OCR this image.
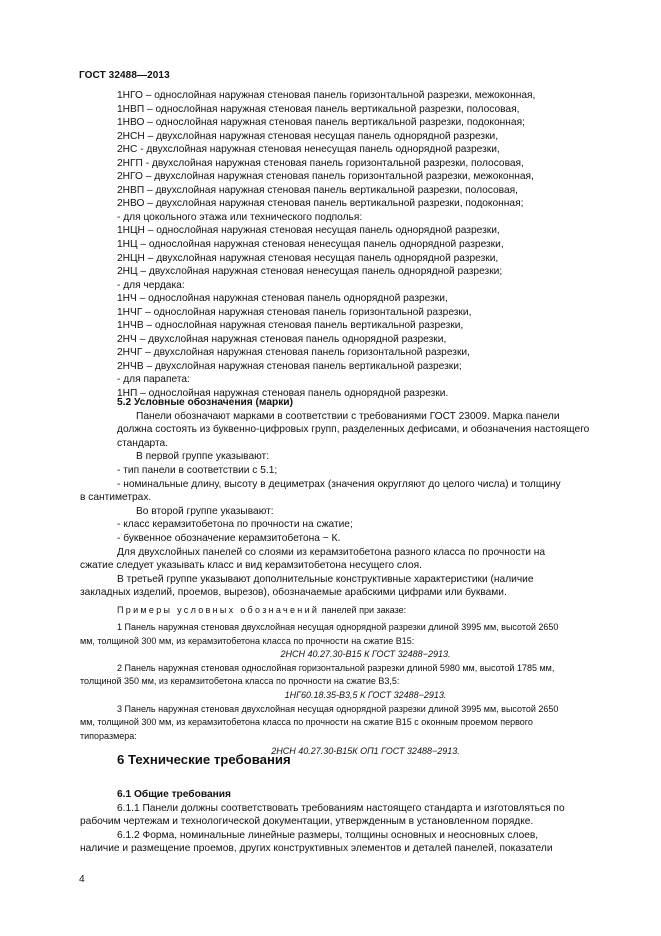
ГОСТ 32488—2013
1НГО – однослойная наружная стеновая панель горизонтальной разрезки, межоконная,
1НВП – однослойная наружная стеновая панель вертикальной разрезки, полосовая,
1НВО – однослойная наружная стеновая панель вертикальной разрезки, подоконная;
2НСН – двухслойная наружная стеновая несущая панель однорядной разрезки,
2НС - двухслойная наружная стеновая ненесущая панель однорядной разрезки,
2НГП - двухслойная наружная стеновая панель горизонтальной разрезки, полосовая,
2НГО – двухслойная наружная стеновая панель горизонтальной разрезки, межоконная,
2НВП – двухслойная наружная стеновая панель вертикальной разрезки, полосовая,
2НВО – двухслойная наружная стеновая панель вертикальной разрезки, подоконная;
- для цокольного этажа или технического подполья:
1НЦН – однослойная наружная стеновая несущая панель однорядной разрезки,
1НЦ – однослойная наружная стеновая ненесущая панель однорядной разрезки,
2НЦН – двухслойная наружная стеновая несущая панель однорядной разрезки,
2НЦ – двухслойная наружная стеновая ненесущая панель однорядной разрезки;
- для чердака:
1НЧ – однослойная наружная стеновая панель однорядной разрезки,
1НЧГ – однослойная наружная стеновая панель горизонтальной разрезки,
1НЧВ – однослойная наружная стеновая панель вертикальной разрезки,
2НЧ – двухслойная наружная стеновая панель однорядной разрезки,
2НЧГ – двухслойная наружная стеновая панель горизонтальной разрезки,
2НЧВ – двухслойная наружная стеновая панель вертикальной разрезки;
- для парапета:
1НП – однослойная наружная стеновая панель однорядной разрезки.
5.2 Условные обозначения (марки)
Панели обозначают марками в соответствии с требованиями ГОСТ 23009. Марка панели
должна состоять из буквенно-цифровых групп, разделенных дефисами, и обозначения настоящего
стандарта.
В первой группе указывают:
- тип панели в соответствии с 5.1;
- номинальные длину, высоту в дециметрах (значения округляют до целого числа) и толщину
в сантиметрах.
Во второй группе указывают:
- класс керамзитобетона по прочности на сжатие;
- буквенное обозначение керамзитобетона − К.
Для двухслойных панелей со слоями из керамзитобетона разного класса по прочности на
сжатие следует указывать класс и вид керамзитобетона несущего слоя.
В третьей группе указывают дополнительные конструктивные характеристики (наличие
закладных изделий, проемов, вырезов), обозначаемые арабскими цифрами или буквами.
Примеры условных обозначений панелей при заказе:
1 Панель наружная стеновая двухслойная несущая однорядной разрезки длиной 3995 мм, высотой 2650
мм, толщиной 300 мм, из керамзитобетона класса по прочности на сжатие В15:
2НСН 40.27.30-В15 К ГОСТ 32488−2913.
2 Панель наружная стеновая однослойная горизонтальной разрезки длиной 5980 мм, высотой 1785 мм,
толщиной 350 мм, из керамзитобетона класса по прочности на сжатие В3,5:
1НГ60.18.35-В3,5 К ГОСТ 32488−2913.
3 Панель наружная стеновая двухслойная несущая однорядной разрезки длиной 3995 мм, высотой 2650
мм, толщиной 300 мм, из керамзитобетона класса по прочности на сжатие В15 с оконным проемом первого
типоразмера:
2НСН 40.27.30-В15К ОП1 ГОСТ 32488−2913.
6 Технические требования
6.1 Общие требования
6.1.1 Панели должны соответствовать требованиям настоящего стандарта и изготовляться по
рабочим чертежам и технологической документации, утвержденным в установленном порядке.
6.1.2 Форма, номинальные линейные размеры, толщины основных и неосновных слоев,
наличие и размещение проемов, других конструктивных элементов и деталей панелей, показатели
4
